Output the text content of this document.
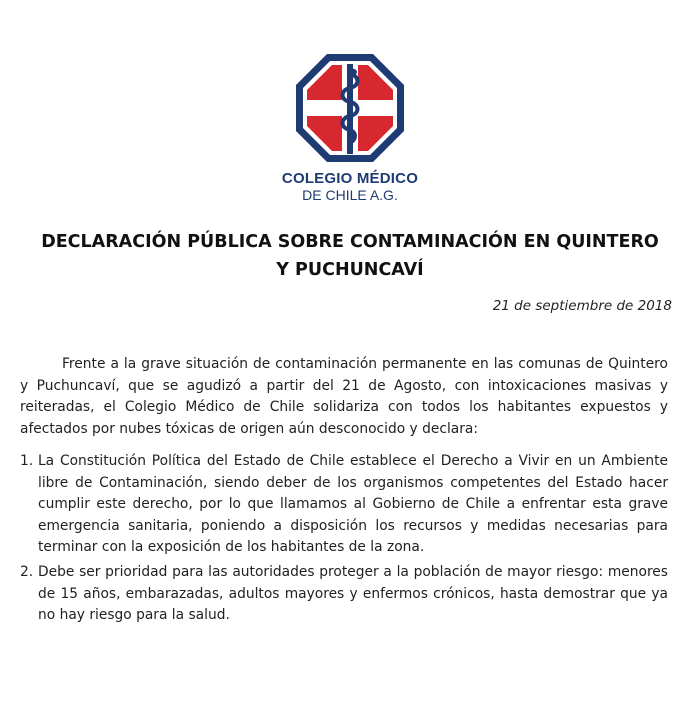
COLEGIO MÉDICO
DE CHILE A.G.
DECLARACIÓN PÚBLICA SOBRE CONTAMINACIÓN EN QUINTERO Y PUCHUNCAVÍ
21 de septiembre de 2018
Frente a la grave situación de contaminación permanente en las comunas de Quintero y Puchuncaví, que se agudizó a partir del 21 de Agosto, con intoxicaciones masivas y reiteradas, el Colegio Médico de Chile solidariza con todos los habitantes expuestos y afectados por nubes tóxicas de origen aún desconocido y declara:
1. La Constitución Política del Estado de Chile establece el Derecho a Vivir en un Ambiente libre de Contaminación, siendo deber de los organismos competentes del Estado hacer cumplir este derecho, por lo que llamamos al Gobierno de Chile a enfrentar esta grave emergencia sanitaria, poniendo a disposición los recursos y medidas necesarias para terminar con la exposición de los habitantes de la zona.
2. Debe ser prioridad para las autoridades proteger a la población de mayor riesgo: menores de 15 años, embarazadas, adultos mayores y enfermos crónicos, hasta demostrar que ya no hay riesgo para la salud.
